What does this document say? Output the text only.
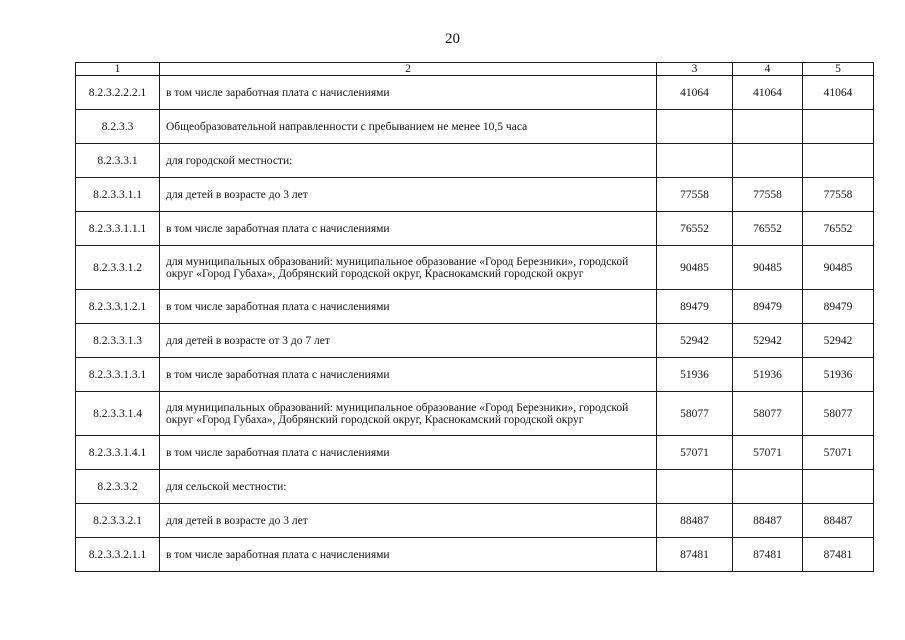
20
1	2	3	4	5
8.2.3.2.2.2.1	в том числе заработная плата с начислениями	41064	41064	41064
8.2.3.3	Общеобразовательной направленности с пребыванием не менее 10,5 часа			
8.2.3.3.1	для городской местности:			
8.2.3.3.1.1	для детей в возрасте до 3 лет	77558	77558	77558
8.2.3.3.1.1.1	в том числе заработная плата с начислениями	76552	76552	76552
8.2.3.3.1.2	для муниципальных образований: муниципальное образование «Город Березники», городской округ «Город Губаха», Добрянский городской округ, Краснокамский городской округ	90485	90485	90485
8.2.3.3.1.2.1	в том числе заработная плата с начислениями	89479	89479	89479
8.2.3.3.1.3	для детей в возрасте от 3 до 7 лет	52942	52942	52942
8.2.3.3.1.3.1	в том числе заработная плата с начислениями	51936	51936	51936
8.2.3.3.1.4	для муниципальных образований: муниципальное образование «Город Березники», городской округ «Город Губаха», Добрянский городской округ, Краснокамский городской округ	58077	58077	58077
8.2.3.3.1.4.1	в том числе заработная плата с начислениями	57071	57071	57071
8.2.3.3.2	для сельской местности:			
8.2.3.3.2.1	для детей в возрасте до 3 лет	88487	88487	88487
8.2.3.3.2.1.1	в том числе заработная плата с начислениями	87481	87481	87481
